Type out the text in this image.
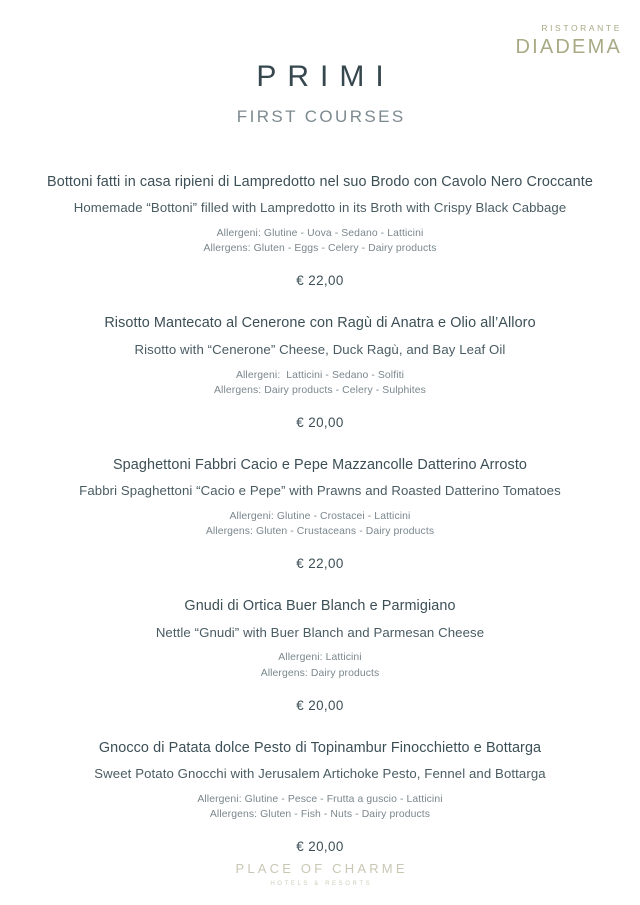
RISTORANTE
DIADEMA
PRIMI
FIRST COURSES
Bottoni fatti in casa ripieni di Lampredotto nel suo Brodo con Cavolo Nero Croccante
Homemade “Bottoni” filled with Lampredotto in its Broth with Crispy Black Cabbage
Allergeni: Glutine - Uova - Sedano - Latticini
Allergens: Gluten - Eggs - Celery - Dairy products
€ 22,00
Risotto Mantecato al Cenerone con Ragù di Anatra e Olio all’Alloro
Risotto with “Cenerone” Cheese, Duck Ragù, and Bay Leaf Oil
Allergeni:  Latticini - Sedano - Solfiti
Allergens: Dairy products - Celery - Sulphites
€ 20,00
Spaghettoni Fabbri Cacio e Pepe Mazzancolle Datterino Arrosto
Fabbri Spaghettoni “Cacio e Pepe” with Prawns and Roasted Datterino Tomatoes
Allergeni: Glutine - Crostacei - Latticini
Allergens: Gluten - Crustaceans - Dairy products
€ 22,00
Gnudi di Ortica Buer Blanch e Parmigiano
Nettle “Gnudi” with Buer Blanch and Parmesan Cheese
Allergeni: Latticini
Allergens: Dairy products
€ 20,00
Gnocco di Patata dolce Pesto di Topinambur Finocchietto e Bottarga
Sweet Potato Gnocchi with Jerusalem Artichoke Pesto, Fennel and Bottarga
Allergeni: Glutine - Pesce - Frutta a guscio - Latticini
Allergens: Gluten - Fish - Nuts - Dairy products
€ 20,00
PLACE OF CHARME
HOTELS & RESORTS
